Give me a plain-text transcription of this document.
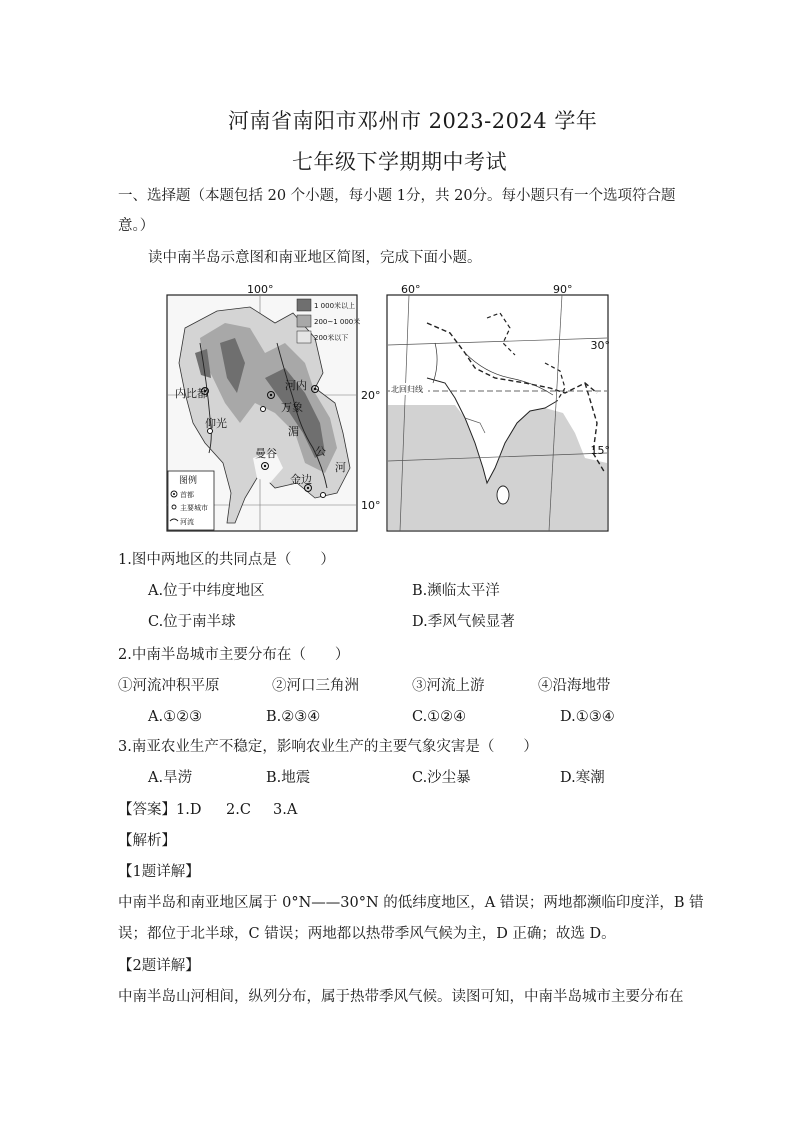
河南省南阳市邓州市 2023-2024 学年
七年级下学期期中考试
一、选择题（本题包括 20 个小题，每小题 1分，共 20分。每小题只有一个选项符合题
意。）
读中南半岛示意图和南亚地区简图，完成下面小题。
100°
20°
10°
1 000米以上
200~1 000米
200米以下
内比都
仰光
河内
万象
湄
公
河
曼谷
金边
图例
首都
主要城市
河流
60°	90°
30°
15°
北回归线
1.图中两地区的共同点是（　　）
A.位于中纬度地区	B.濒临太平洋
C.位于南半球	D.季风气候显著
2.中南半岛城市主要分布在（　　）
①河流冲积平原	②河口三角洲	③河流上游	④沿海地带
A.①②③	B.②③④	C.①②④	D.①③④
3.南亚农业生产不稳定，影响农业生产的主要气象灾害是（　　）
A.旱涝	B.地震	C.沙尘暴	D.寒潮
【答案】 1.D 2.C 3.A
【解析】
【1题详解】
中南半岛和南亚地区属于 0°N——30°N 的低纬度地区，A 错误；两地都濒临印度洋，B 错
误；都位于北半球，C 错误；两地都以热带季风气候为主，D 正确；故选 D。
【2题详解】
中南半岛山河相间，纵列分布，属于热带季风气候。读图可知，中南半岛城市主要分布在
